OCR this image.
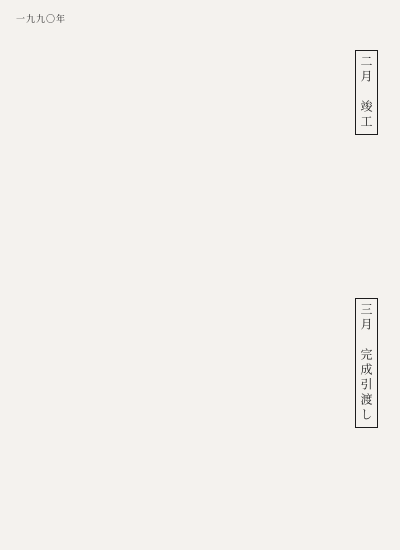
一九九〇年
二月　竣工
三月　完成引渡し
